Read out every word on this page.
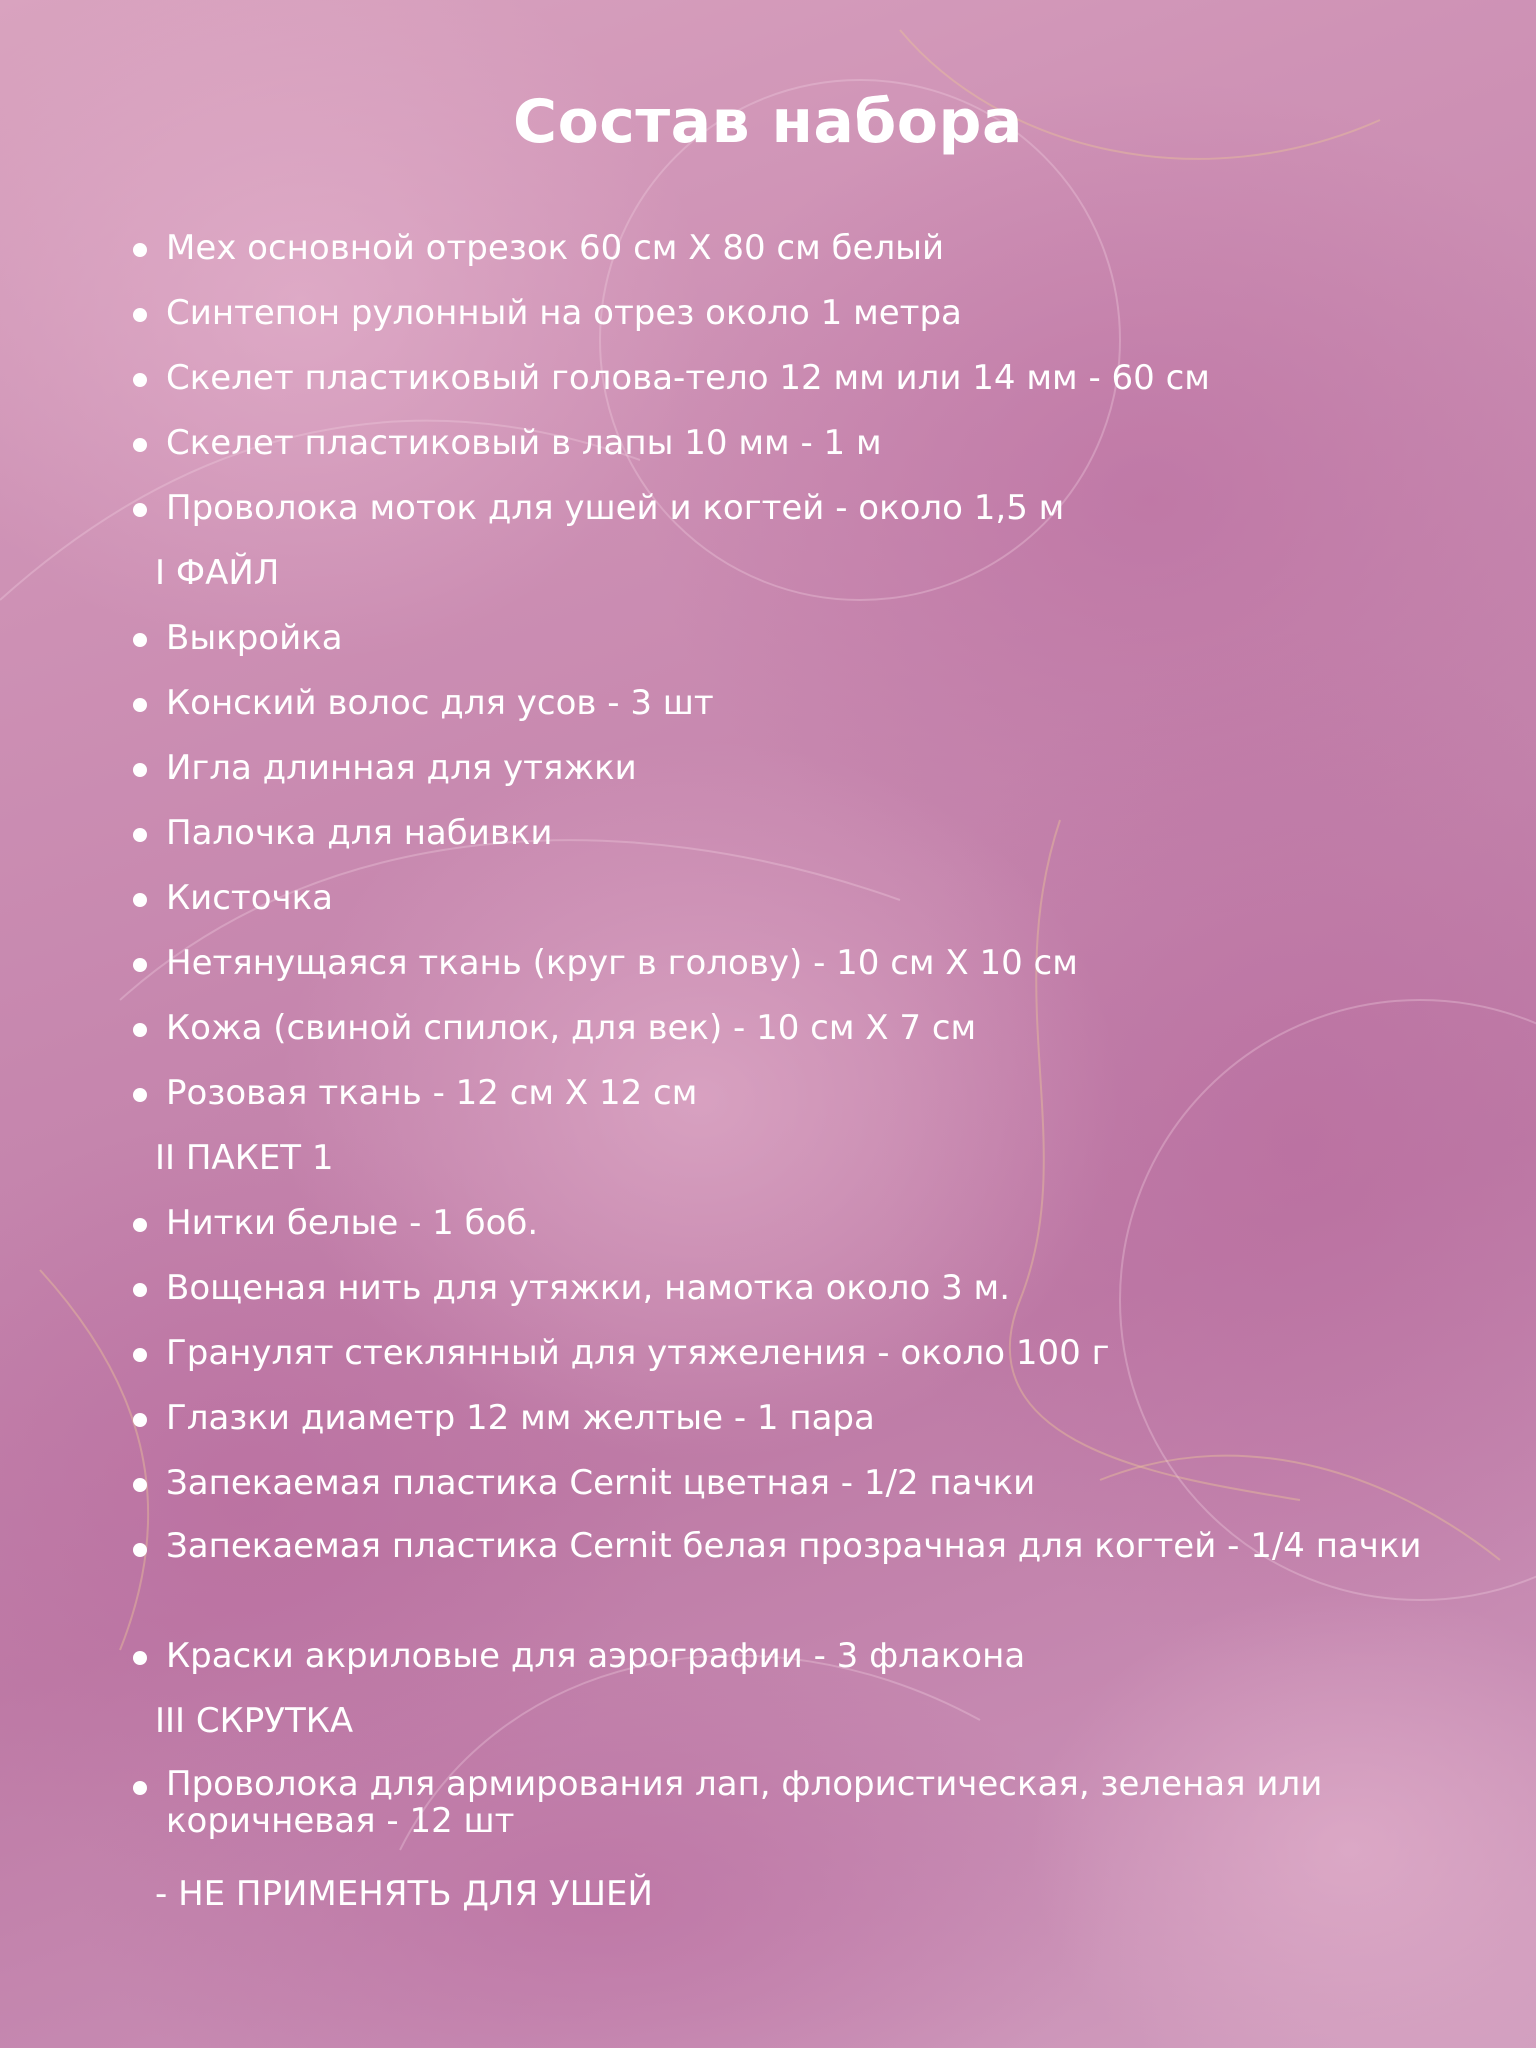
Состав набора
Мех основной отрезок 60 см Х 80 см белый
Синтепон рулонный на отрез около 1 метра
Скелет пластиковый голова-тело 12 мм или 14 мм - 60 см
Скелет пластиковый в лапы 10 мм - 1 м
Проволока моток для ушей и когтей - около 1,5 м
I ФАЙЛ
Выкройка
Конский волос для усов - 3 шт
Игла длинная для утяжки
Палочка для набивки
Кисточка
Нетянущаяся ткань (круг в голову) - 10 см Х 10 см
Кожа (свиной спилок, для век) - 10 см Х 7 см
Розовая ткань - 12 см Х 12 см
II ПАКЕТ 1
Нитки белые - 1 боб.
Вощеная нить для утяжки, намотка около 3 м.
Гранулят стеклянный для утяжеления - около 100 г
Глазки диаметр 12 мм желтые - 1 пара
Запекаемая пластика Cernit цветная - 1/2 пачки
Запекаемая пластика Cernit белая прозрачная для когтей - 1/4 пачки
Краски акриловые для аэрографии - 3 флакона
III СКРУТКА
Проволока для армирования лап, флористическая, зеленая или коричневая - 12 шт
- НЕ ПРИМЕНЯТЬ ДЛЯ УШЕЙ
